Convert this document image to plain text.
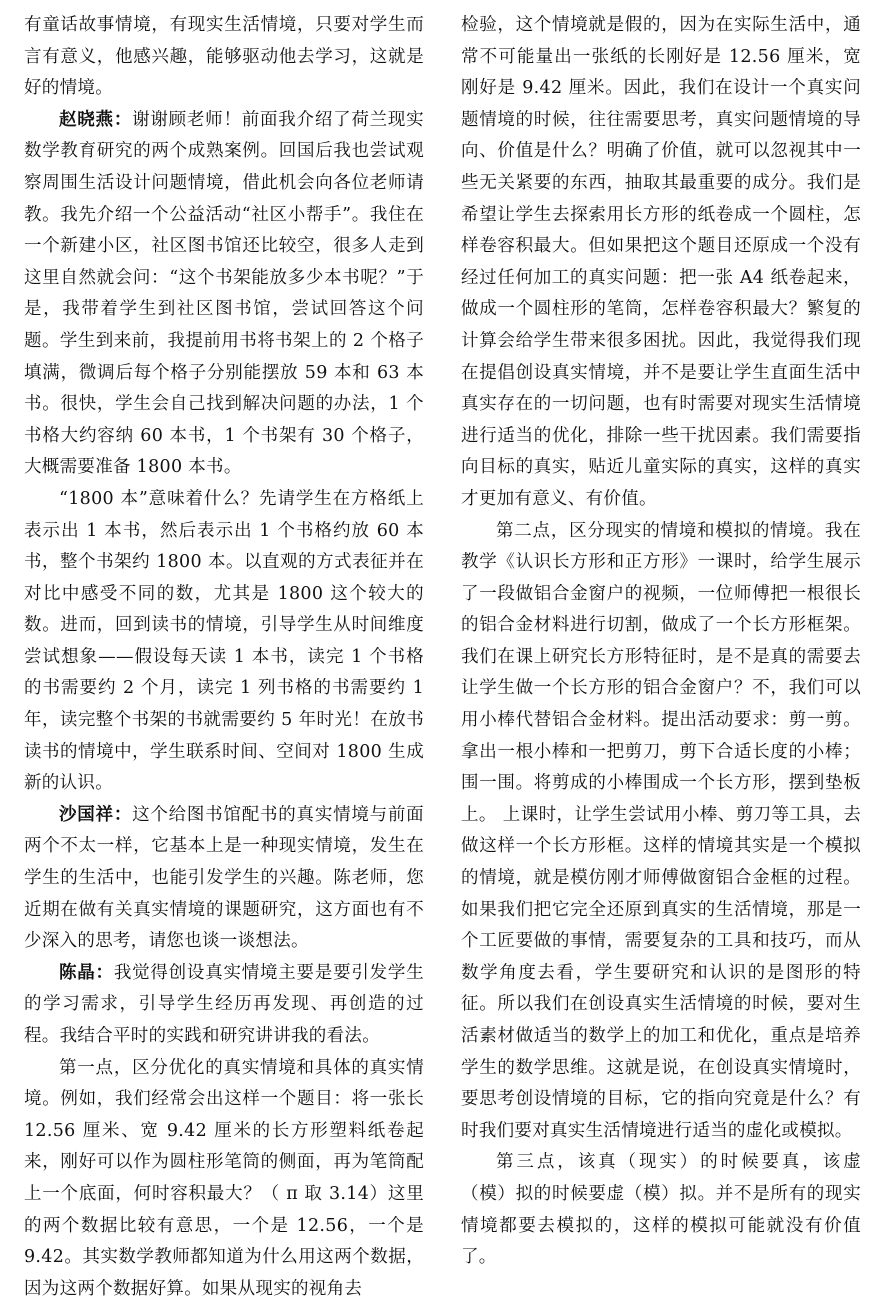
有童话故事情境，有现实生活情境，只要对学生而言有意义，他感兴趣，能够驱动他去学习，这就是好的情境。

赵晓燕：谢谢顾老师！前面我介绍了荷兰现实数学教育研究的两个成熟案例。回国后我也尝试观察周围生活设计问题情境，借此机会向各位老师请教。我先介绍一个公益活动“社区小帮手”。我住在一个新建小区，社区图书馆还比较空，很多人走到这里自然就会问：“这个书架能放多少本书呢？”于是，我带着学生到社区图书馆，尝试回答这个问题。学生到来前，我提前用书将书架上的 2 个格子填满，微调后每个格子分别能摆放 59 本和 63 本书。很快，学生会自己找到解决问题的办法，1 个书格大约容纳 60 本书，1 个书架有 30 个格子，大概需要准备 1800 本书。

“1800 本”意味着什么？先请学生在方格纸上表示出 1 本书，然后表示出 1 个书格约放 60 本书，整个书架约 1800 本。以直观的方式表征并在对比中感受不同的数，尤其是 1800 这个较大的数。进而，回到读书的情境，引导学生从时间维度尝试想象——假设每天读 1 本书，读完 1 个书格的书需要约 2 个月，读完 1 列书格的书需要约 1 年，读完整个书架的书就需要约 5 年时光！在放书读书的情境中，学生联系时间、空间对 1800 生成新的认识。

沙国祥：这个给图书馆配书的真实情境与前面两个不太一样，它基本上是一种现实情境，发生在学生的生活中，也能引发学生的兴趣。陈老师，您近期在做有关真实情境的课题研究，这方面也有不少深入的思考，请您也谈一谈想法。

陈晶：我觉得创设真实情境主要是要引发学生的学习需求，引导学生经历再发现、再创造的过程。我结合平时的实践和研究讲讲我的看法。

第一点，区分优化的真实情境和具体的真实情境。例如，我们经常会出这样一个题目：将一张长 12.56 厘米、宽 9.42 厘米的长方形塑料纸卷起来，刚好可以作为圆柱形笔筒的侧面，再为笔筒配上一个底面，何时容积最大？（ π 取 3.14）这里的两个数据比较有意思，一个是 12.56，一个是 9.42。其实数学教师都知道为什么用这两个数据，因为这两个数据好算。如果从现实的视角去

检验，这个情境就是假的，因为在实际生活中，通常不可能量出一张纸的长刚好是 12.56 厘米，宽刚好是 9.42 厘米。因此，我们在设计一个真实问题情境的时候，往往需要思考，真实问题情境的导向、价值是什么？明确了价值，就可以忽视其中一些无关紧要的东西，抽取其最重要的成分。我们是希望让学生去探索用长方形的纸卷成一个圆柱，怎样卷容积最大。但如果把这个题目还原成一个没有经过任何加工的真实问题：把一张 A4 纸卷起来，做成一个圆柱形的笔筒，怎样卷容积最大？繁复的计算会给学生带来很多困扰。因此，我觉得我们现在提倡创设真实情境，并不是要让学生直面生活中真实存在的一切问题，也有时需要对现实生活情境进行适当的优化，排除一些干扰因素。我们需要指向目标的真实，贴近儿童实际的真实，这样的真实才更加有意义、有价值。

第二点，区分现实的情境和模拟的情境。我在教学《认识长方形和正方形》一课时，给学生展示了一段做铝合金窗户的视频，一位师傅把一根很长的铝合金材料进行切割，做成了一个长方形框架。我们在课上研究长方形特征时，是不是真的需要去让学生做一个长方形的铝合金窗户？不，我们可以用小棒代替铝合金材料。提出活动要求：剪一剪。拿出一根小棒和一把剪刀，剪下合适长度的小棒；围一围。将剪成的小棒围成一个长方形，摆到垫板上。 上课时，让学生尝试用小棒、剪刀等工具，去做这样一个长方形框。这样的情境其实是一个模拟的情境，就是模仿刚才师傅做窗铝合金框的过程。如果我们把它完全还原到真实的生活情境，那是一个工匠要做的事情，需要复杂的工具和技巧，而从数学角度去看，学生要研究和认识的是图形的特征。所以我们在创设真实生活情境的时候，要对生活素材做适当的数学上的加工和优化，重点是培养学生的数学思维。这就是说，在创设真实情境时，要思考创设情境的目标，它的指向究竟是什么？有时我们要对真实生活情境进行适当的虚化或模拟。

第三点，该真（现实）的时候要真，该虚（模）拟的时候要虚（模）拟。并不是所有的现实情境都要去模拟的，这样的模拟可能就没有价值了。
